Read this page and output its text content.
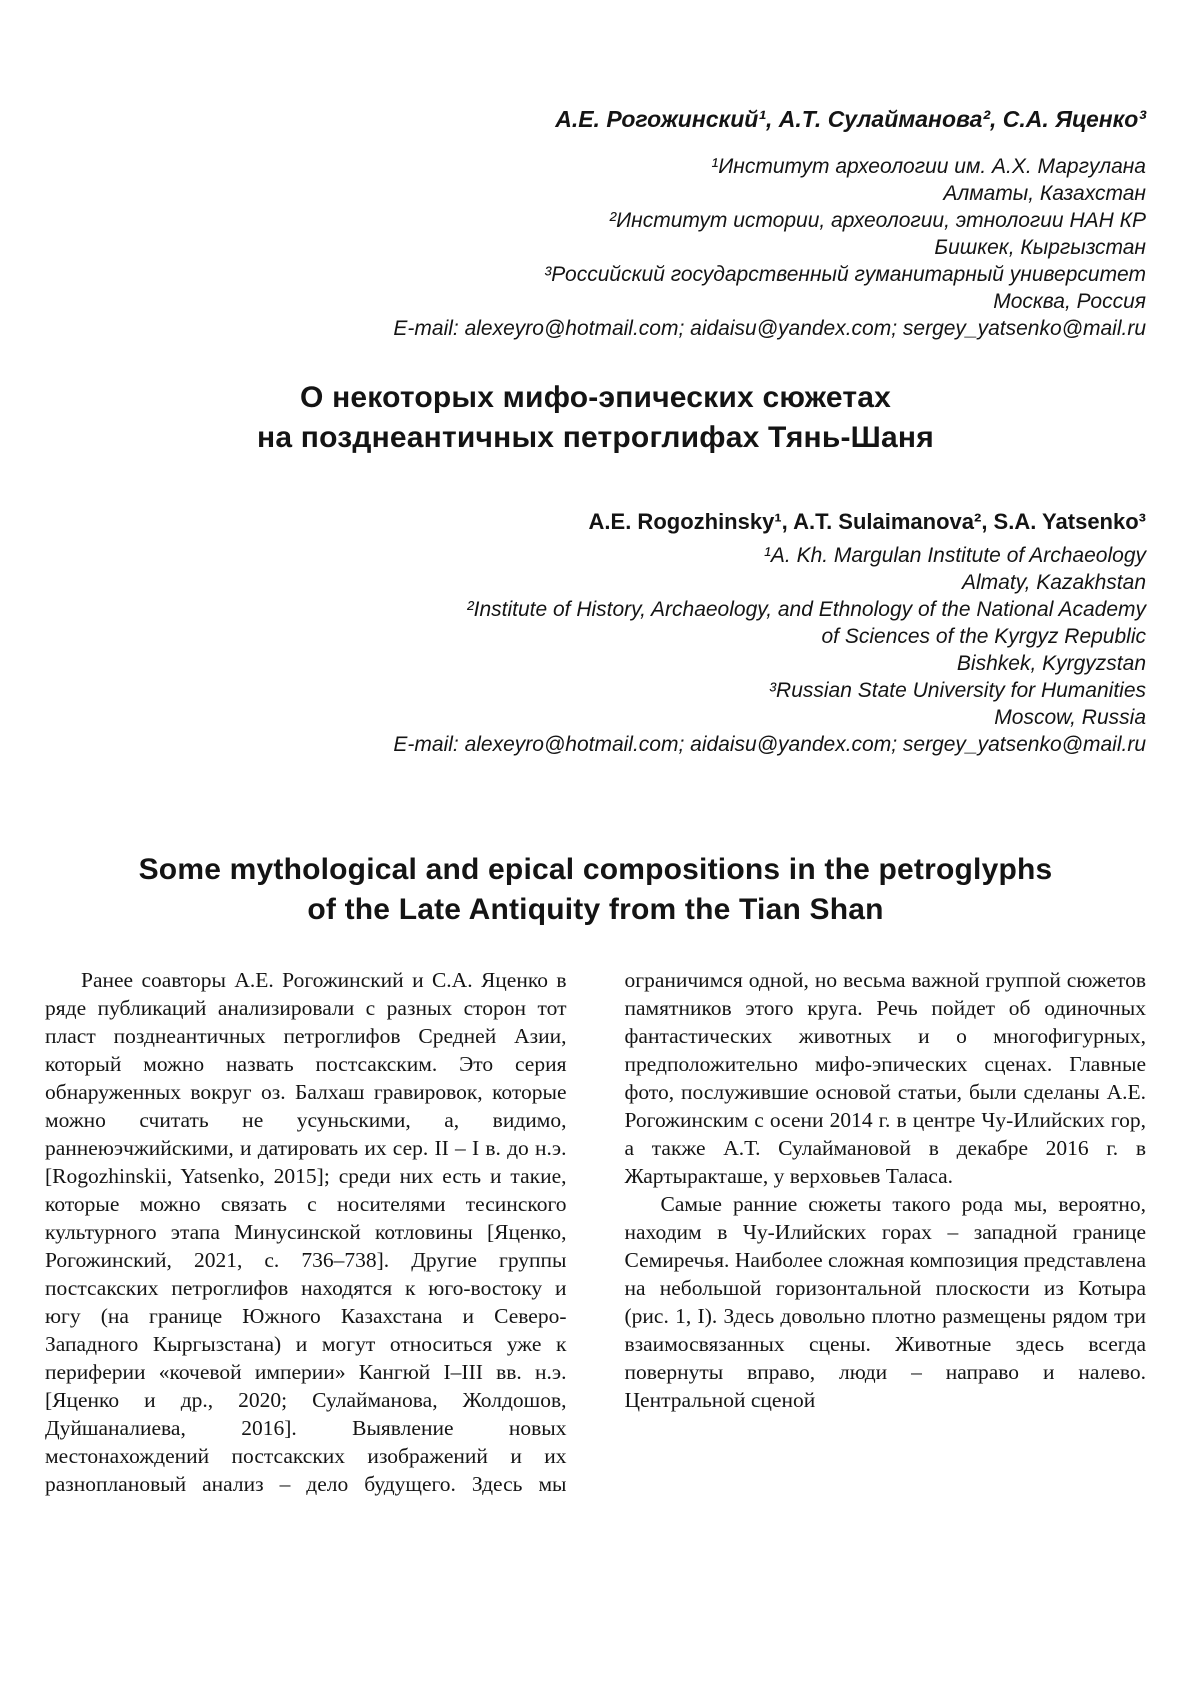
А.Е. Рогожинский¹, А.Т. Сулайманова², С.А. Яценко³
¹Институт археологии им. А.Х. Маргулана
Алматы, Казахстан
²Институт истории, археологии, этнологии НАН КР
Бишкек, Кыргызстан
³Российский государственный гуманитарный университет
Москва, Россия
E-mail: alexeyro@hotmail.com; aidaisu@yandex.com; sergey_yatsenko@mail.ru
О некоторых мифо-эпических сюжетах
на позднеантичных петроглифах Тянь-Шаня
A.E. Rogozhinsky¹, A.T. Sulaimanova², S.A. Yatsenko³
¹A. Kh. Margulan Institute of Archaeology
Almaty, Kazakhstan
²Institute of History, Archaeology, and Ethnology of the National Academy
of Sciences of the Kyrgyz Republic
Bishkek, Kyrgyzstan
³Russian State University for Humanities
Moscow, Russia
E-mail: alexeyro@hotmail.com; aidaisu@yandex.com; sergey_yatsenko@mail.ru
Some mythological and epical compositions in the petroglyphs
of the Late Antiquity from the Tian Shan

Ранее соавторы А.Е. Рогожинский и С.А. Яценко в ряде публикаций анализировали с разных сторон тот пласт позднеантичных петроглифов Средней Азии, который можно назвать постсакским. Это серия обнаруженных вокруг оз. Балхаш гравировок, которые можно считать не усуньскими, а, видимо, раннеюэчжийскими, и датировать их сер. II – I в. до н.э. [Rogozhinskii, Yatsenko, 2015]; среди них есть и такие, которые можно связать с носителями тесинского культурного этапа Минусинской котловины [Яценко, Рогожинский, 2021, с. 736–738]. Другие группы постсакских петроглифов находятся к юго-востоку и югу (на границе Южного Казахстана и Северо-Западного Кыргызстана) и могут относиться уже к периферии «кочевой империи» Кангюй I–III вв. н.э. [Яценко и др., 2020; Сулайманова, Жолдошов, Дуйшаналиева, 2016]. Выявление новых местонахождений постсакских изображений и их разноплановый анализ – дело будущего. Здесь мы ограничимся одной, но весьма важной группой сюжетов памятников этого круга. Речь пойдет об одиночных фантастических животных и о многофигурных, предположительно мифо-эпических сценах. Главные фото, послужившие основой статьи, были сделаны А.Е. Рогожинским с осени 2014 г. в центре Чу-Илийских гор, а также А.Т. Сулаймановой в декабре 2016 г. в Жартыракташе, у верховьев Таласа.

Самые ранние сюжеты такого рода мы, вероятно, находим в Чу-Илийских горах – западной границе Семиречья. Наиболее сложная композиция представлена на небольшой горизонтальной плоскости из Котыра (рис. 1, I). Здесь довольно плотно размещены рядом три взаимосвязанных сцены. Животные здесь всегда повернуты вправо, люди – направо и налево. Центральной сценой
